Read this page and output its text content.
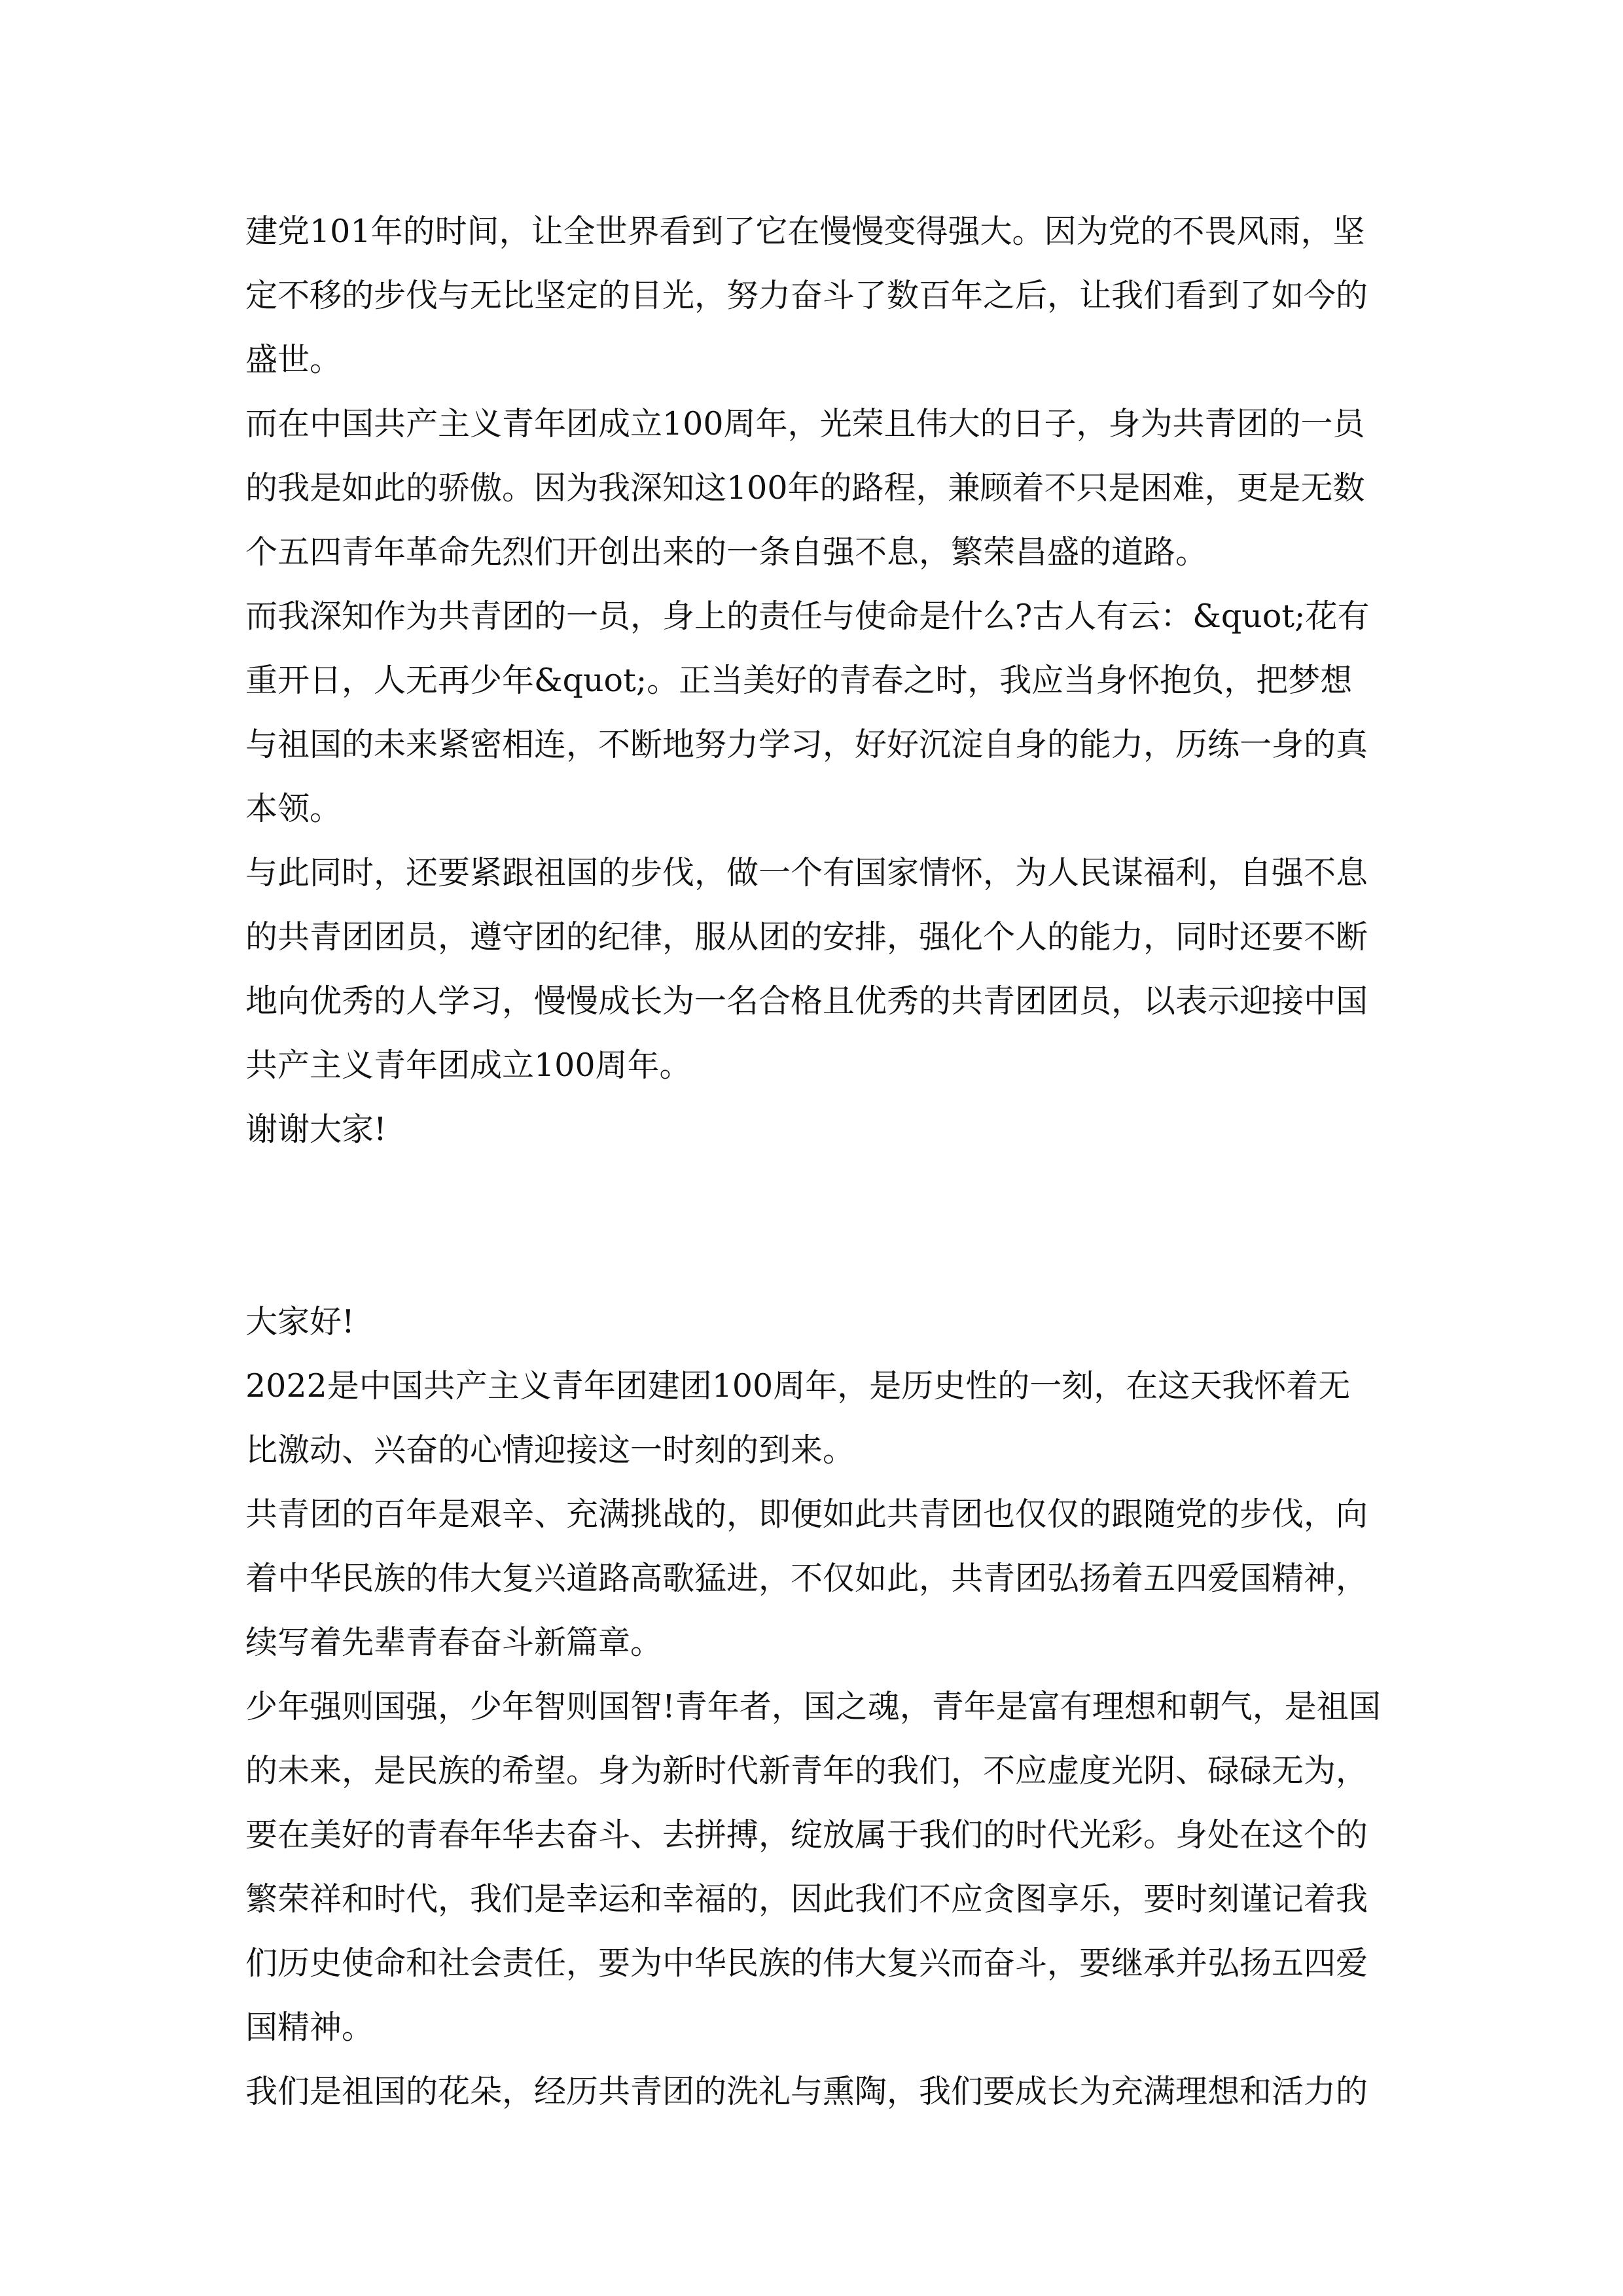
建党101年的时间，让全世界看到了它在慢慢变得强大。因为党的不畏风雨，坚定不移的步伐与无比坚定的目光，努力奋斗了数百年之后，让我们看到了如今的盛世。

而在中国共产主义青年团成立100周年，光荣且伟大的日子，身为共青团的一员的我是如此的骄傲。因为我深知这100年的路程，兼顾着不只是困难，更是无数个五四青年革命先烈们开创出来的一条自强不息，繁荣昌盛的道路。

而我深知作为共青团的一员，身上的责任与使命是什么?古人有云：&quot;花有重开日，人无再少年&quot;。正当美好的青春之时，我应当身怀抱负，把梦想与祖国的未来紧密相连，不断地努力学习，好好沉淀自身的能力，历练一身的真本领。

与此同时，还要紧跟祖国的步伐，做一个有国家情怀，为人民谋福利，自强不息的共青团团员，遵守团的纪律，服从团的安排，强化个人的能力，同时还要不断地向优秀的人学习，慢慢成长为一名合格且优秀的共青团团员，以表示迎接中国共产主义青年团成立100周年。

谢谢大家!

大家好!

2022是中国共产主义青年团建团100周年，是历史性的一刻，在这天我怀着无比激动、兴奋的心情迎接这一时刻的到来。

共青团的百年是艰辛、充满挑战的，即便如此共青团也仅仅的跟随党的步伐，向着中华民族的伟大复兴道路高歌猛进，不仅如此，共青团弘扬着五四爱国精神，续写着先辈青春奋斗新篇章。

少年强则国强，少年智则国智!青年者，国之魂，青年是富有理想和朝气，是祖国的未来，是民族的希望。身为新时代新青年的我们，不应虚度光阴、碌碌无为，要在美好的青春年华去奋斗、去拼搏，绽放属于我们的时代光彩。身处在这个的繁荣祥和时代，我们是幸运和幸福的，因此我们不应贪图享乐，要时刻谨记着我们历史使命和社会责任，要为中华民族的伟大复兴而奋斗，要继承并弘扬五四爱国精神。

我们是祖国的花朵，经历共青团的洗礼与熏陶，我们要成长为充满理想和活力的
